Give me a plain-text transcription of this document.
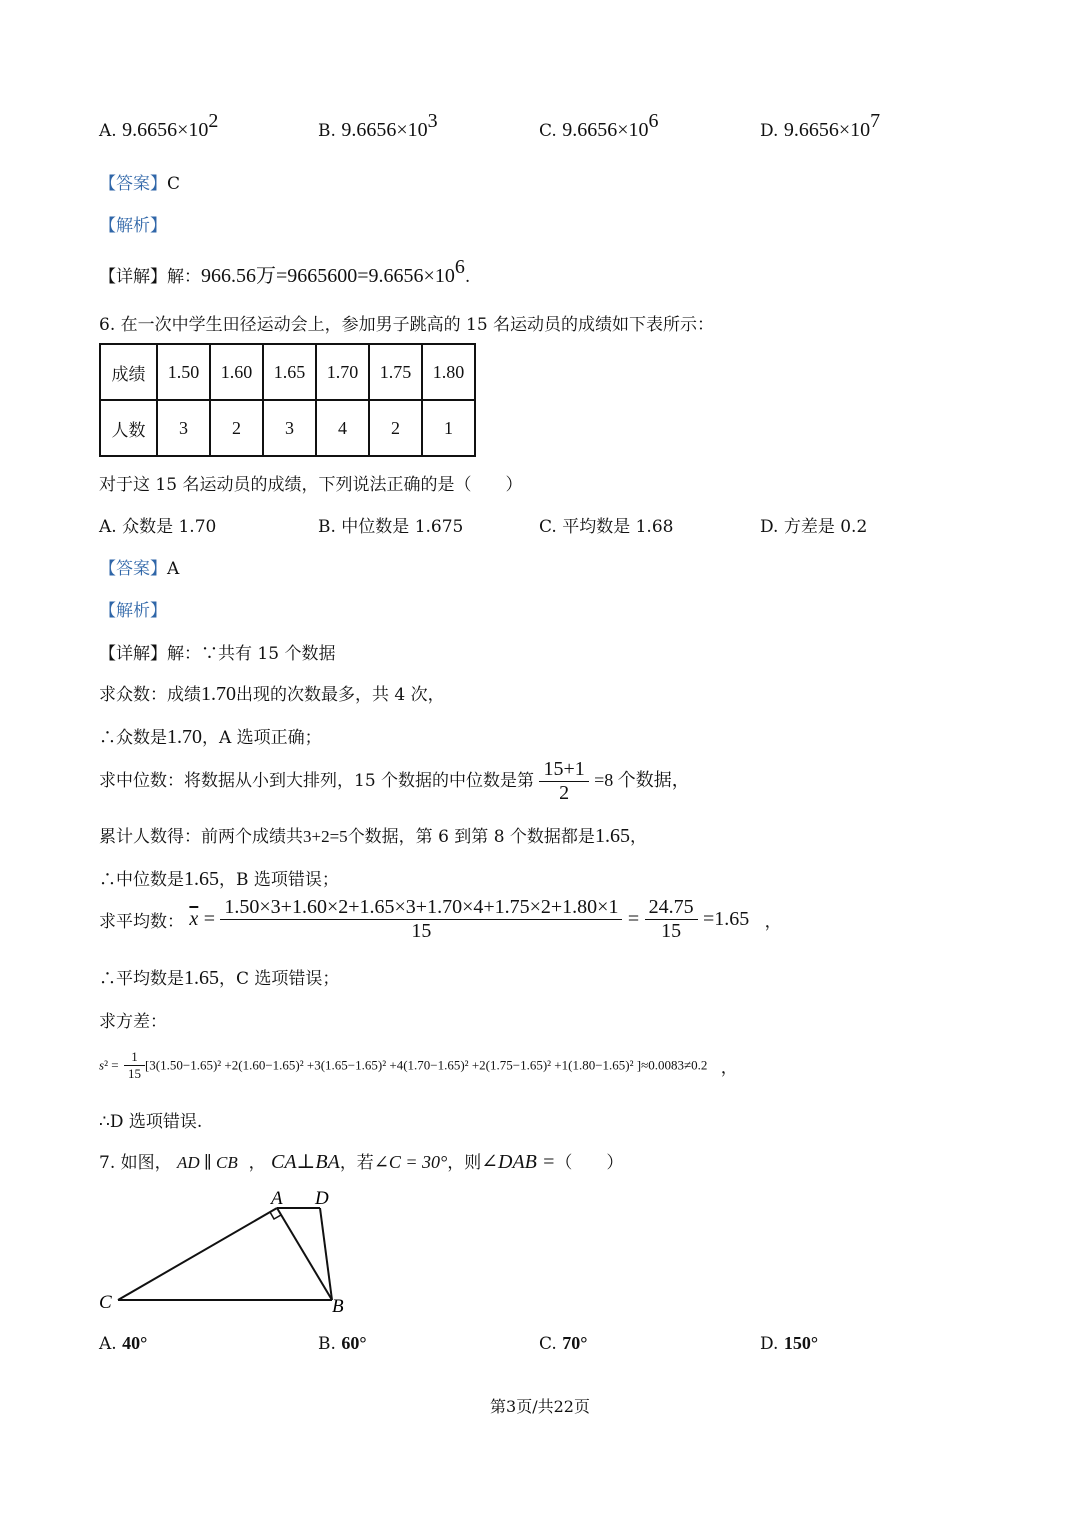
A. $9.6656\times 10^2$	B. $9.6656\times 10^3$	C. $9.6656\times 10^6$	D. $9.6656\times 10^7$
【答案】C
【解析】
【详解】解：966.56万$=9665600=9.6656\times 10^6$.
6. 在一次中学生田径运动会上，参加男子跳高的 15 名运动员的成绩如下表所示：
成绩	1.50	1.60	1.65	1.70	1.75	1.80
人数	3	2	3	4	2	1
对于这 15 名运动员的成绩，下列说法正确的是（　　）
A. 众数是 1.70	B. 中位数是 1.675	C. 平均数是 1.68	D. 方差是 0.2
【答案】A
【解析】
【详解】解：∵共有 15 个数据
求众数：成绩1.70出现的次数最多，共 4 次，
∴众数是1.70，A 选项正确；
求中位数：将数据从小到大排列，15 个数据的中位数是第 $\frac{15+1}{2} =8$ 个数据，
累计人数得：前两个成绩共3+2=5个数据，第 6 到第 8 个数据都是1.65，
∴中位数是1.65，B 选项错误；
求平均数： $\overline{x} = \frac{1.50\times 3+1.60\times 2+1.65\times 3+1.70\times 4+1.75\times 2+1.80\times 1}{15} = \frac{24.75}{15} =1.65$ ，
∴平均数是1.65，C 选项错误；
求方差：
$s^2 = \frac{1}{15} [3(1.50-1.65)^2 +2(1.60-1.65)^2 +3(1.65-1.65)^2 +4(1.70-1.65)^2 +2(1.75-1.65)^2 +1(1.80-1.65)^2$ ]≈0.0083≠0.2 ，
∴D 选项错误.
7. 如图， AD ∥ CB  ， CA⊥BA，若∠C = 30°，则∠DAB =（　　）
A D
C	B
A. 40°	B. 60°	C. 70°	D. 150°
第3页/共22页
